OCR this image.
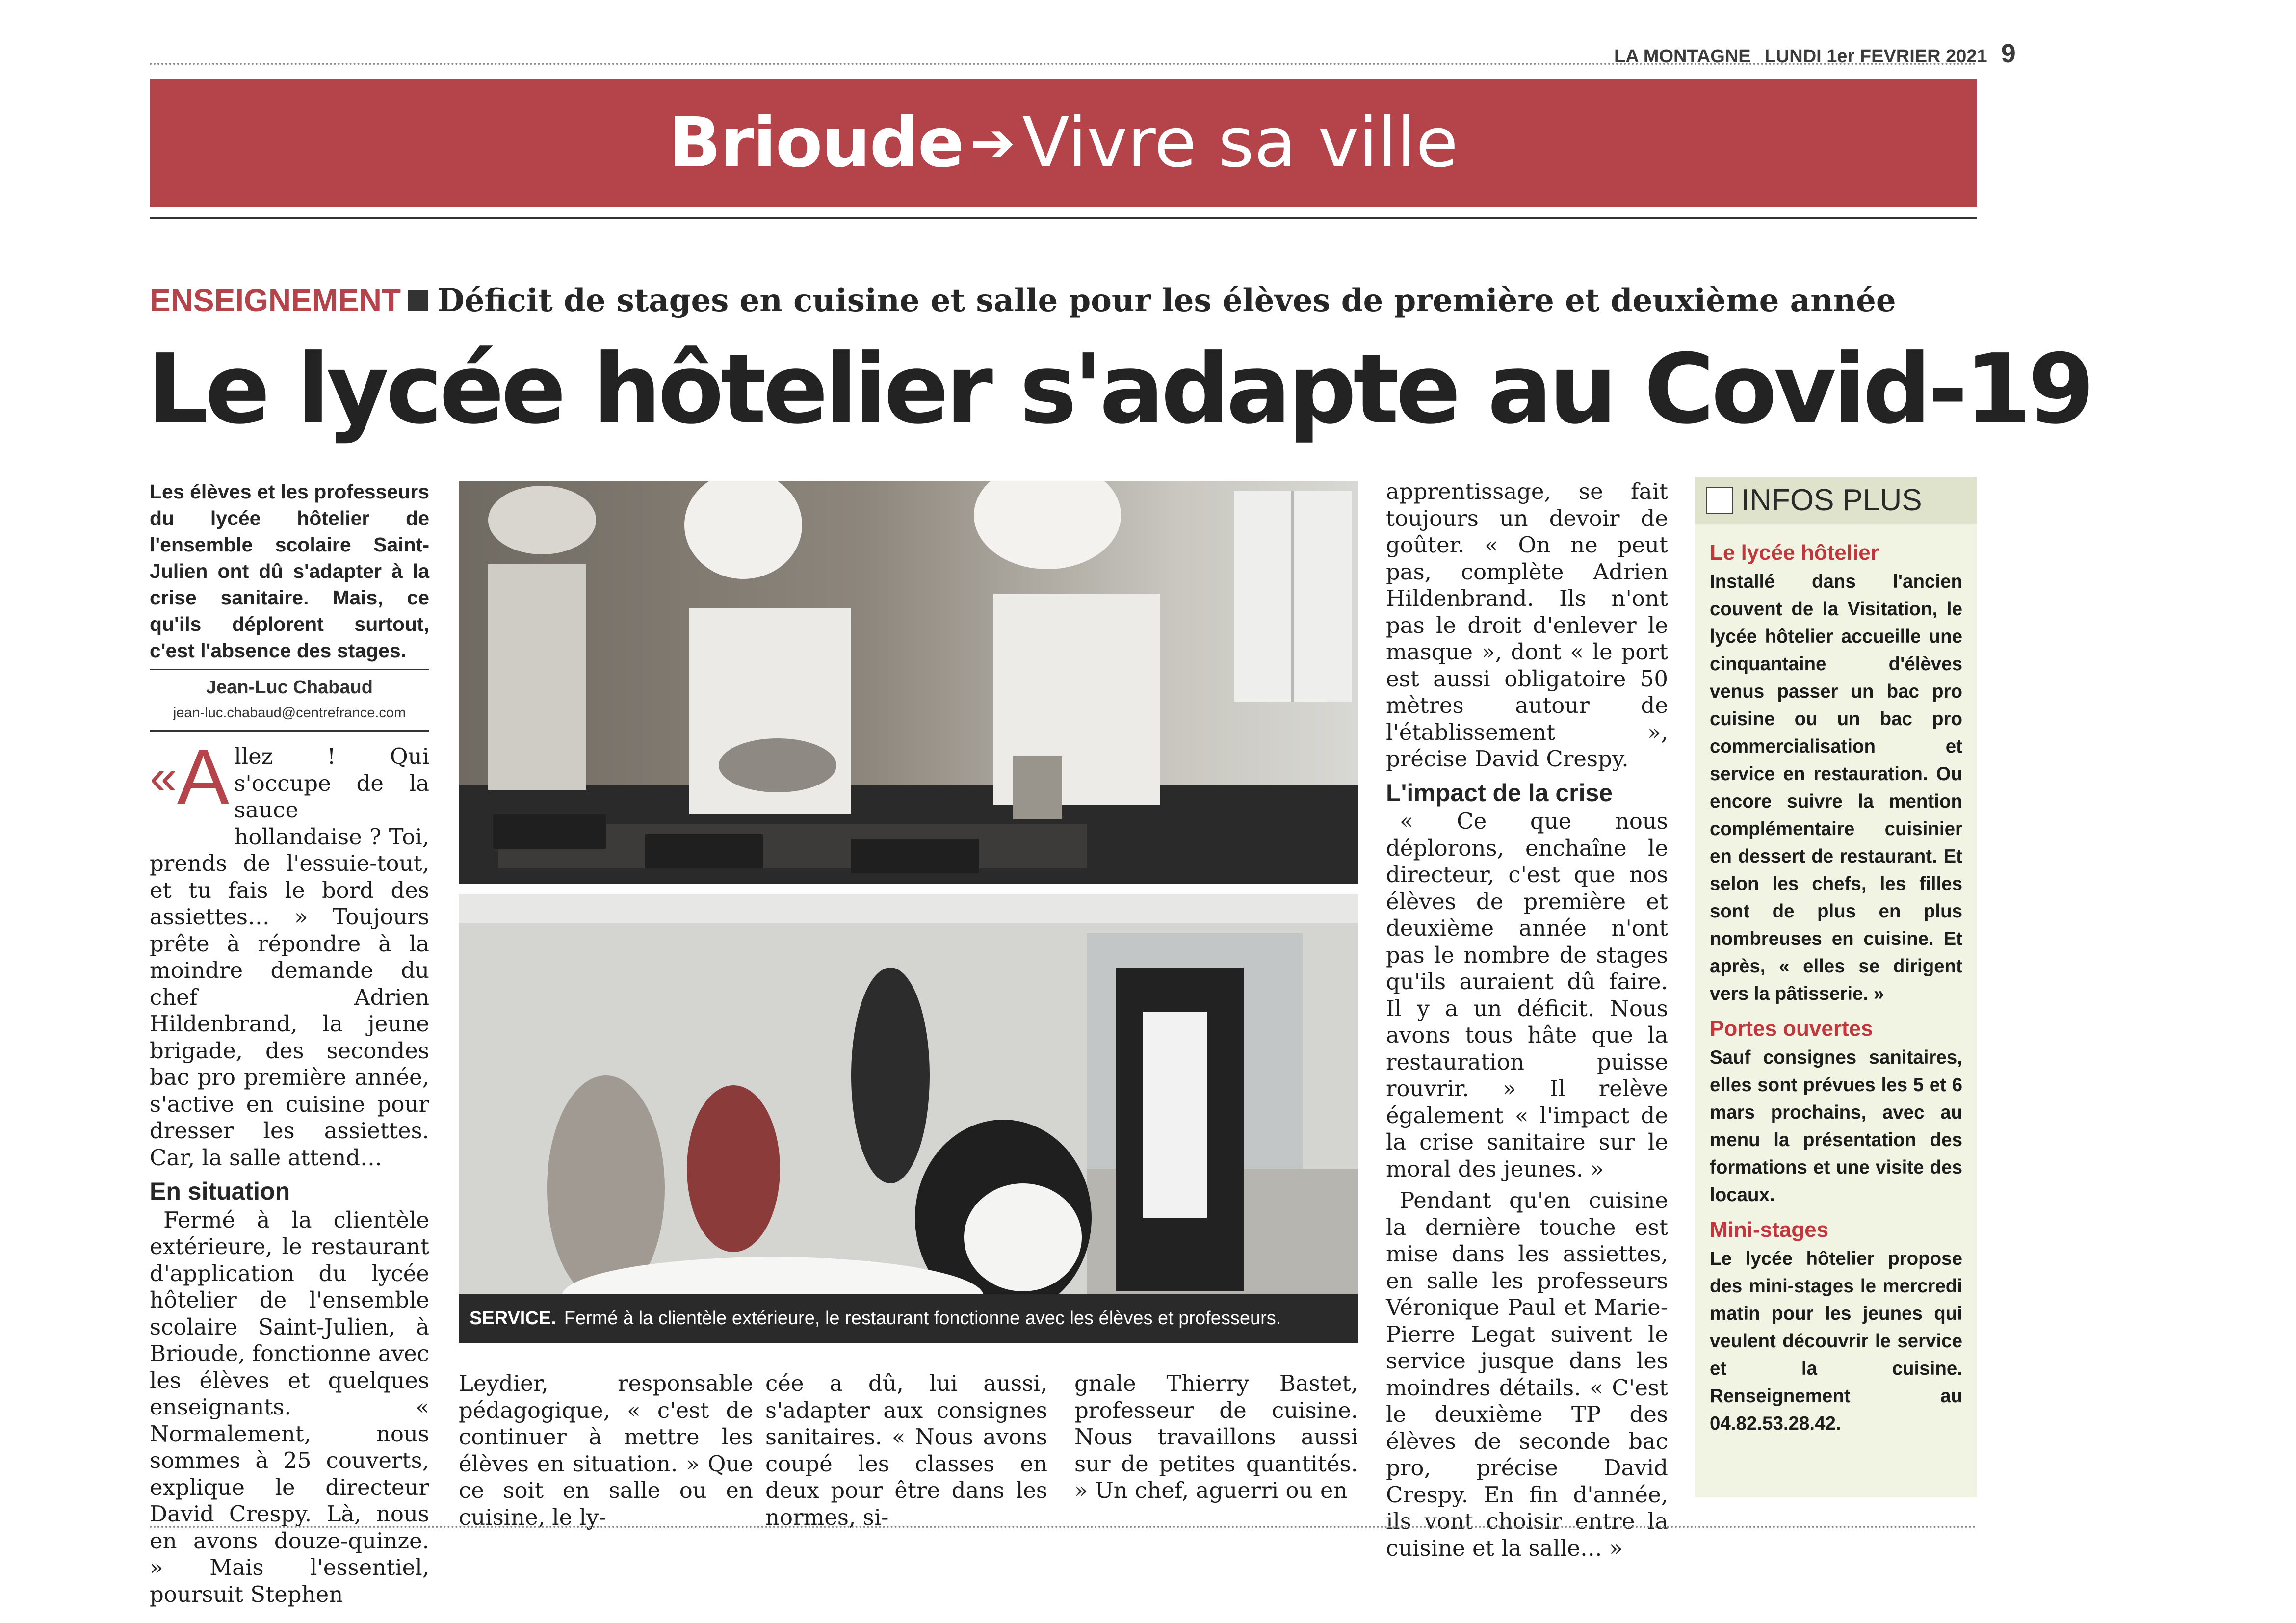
LA MONTAGNE LUNDI 1er FEVRIER 2021 9
Brioude ➔ Vivre sa ville
ENSEIGNEMENT Déficit de stages en cuisine et salle pour les élèves de première et deuxième année
Le lycée hôtelier s'adapte au Covid-19
Les élèves et les professeurs du lycée hôtelier de l'ensemble scolaire Saint-Julien ont dû s'adapter à la crise sanitaire. Mais, ce qu'ils déplorent surtout, c'est l'absence des stages.
Jean-Luc Chabaud
jean-luc.chabaud@centrefrance.com

«A llez ! Qui s'occupe de la sauce hollandaise ? Toi, prends de l'essuie-tout, et tu fais le bord des assiettes… » Toujours prête à répondre à la moindre demande du chef Adrien Hildenbrand, la jeune brigade, des secondes bac pro première année, s'active en cuisine pour dresser les assiettes. Car, la salle attend…

En situation

Fermé à la clientèle extérieure, le restaurant d'application du lycée hôtelier de l'ensemble scolaire Saint-Julien, à Brioude, fonctionne avec les élèves et quelques enseignants. « Normalement, nous sommes à 25 couverts, explique le directeur David Crespy. Là, nous en avons douze-quinze. » Mais l'essentiel, poursuit Stephen

SERVICE. Fermé à la clientèle extérieure, le restaurant fonctionne avec les élèves et professeurs.

Leydier, responsable pédagogique, « c'est de continuer à mettre les élèves en situation. » Que ce soit en salle ou en cuisine, le ly-

cée a dû, lui aussi, s'adapter aux consignes sanitaires. « Nous avons coupé les classes en deux pour être dans les normes, si-

gnale Thierry Bastet, professeur de cuisine. Nous travaillons aussi sur de petites quantités. » Un chef, aguerri ou en

apprentissage, se fait toujours un devoir de goûter. « On ne peut pas, complète Adrien Hildenbrand. Ils n'ont pas le droit d'enlever le masque », dont « le port est aussi obligatoire 50 mètres autour de l'établissement », précise David Crespy.

L'impact de la crise

« Ce que nous déplorons, enchaîne le directeur, c'est que nos élèves de première et deuxième année n'ont pas le nombre de stages qu'ils auraient dû faire. Il y a un déficit. Nous avons tous hâte que la restauration puisse rouvrir. » Il relève également « l'impact de la crise sanitaire sur le moral des jeunes. »

Pendant qu'en cuisine la dernière touche est mise dans les assiettes, en salle les professeurs Véronique Paul et Marie-Pierre Legat suivent le service jusque dans les moindres détails. « C'est le deuxième TP des élèves de seconde bac pro, précise David Crespy. En fin d'année, ils vont choisir entre la cuisine et la salle… »

INFOS PLUS
Le lycée hôtelier

Installé dans l'ancien couvent de la Visitation, le lycée hôtelier accueille une cinquantaine d'élèves venus passer un bac pro cuisine ou un bac pro commercialisation et service en restauration. Ou encore suivre la mention complémentaire cuisinier en dessert de restaurant. Et selon les chefs, les filles sont de plus en plus nombreuses en cuisine. Et après, « elles se dirigent vers la pâtisserie. »

Portes ouvertes

Sauf consignes sanitaires, elles sont prévues les 5 et 6 mars prochains, avec au menu la présentation des formations et une visite des locaux.

Mini-stages

Le lycée hôtelier propose des mini-stages le mercredi matin pour les jeunes qui veulent découvrir le service et la cuisine. Renseignement au 04.82.53.28.42.
